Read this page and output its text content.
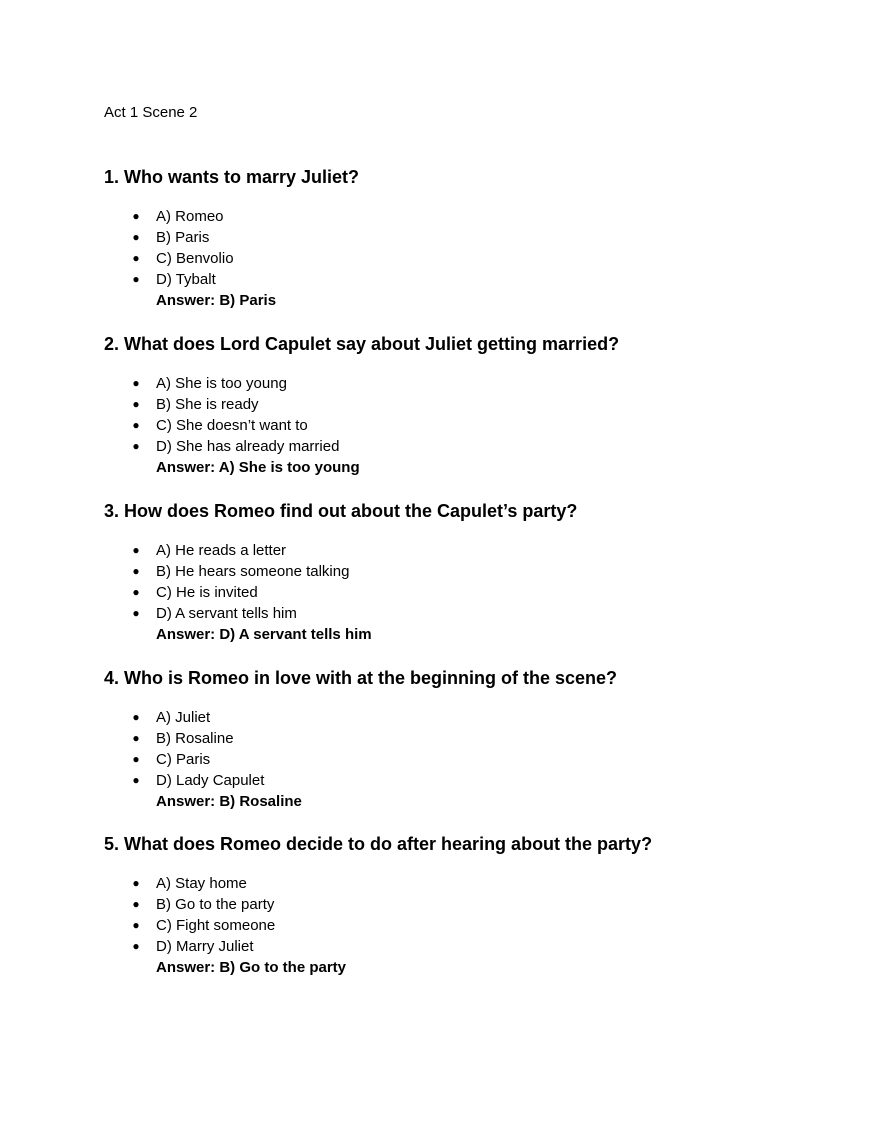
Act 1 Scene 2
1. Who wants to marry Juliet?
● A) Romeo
● B) Paris
● C) Benvolio
● D) Tybalt
Answer: B) Paris
2. What does Lord Capulet say about Juliet getting married?
● A) She is too young
● B) She is ready
● C) She doesn’t want to
● D) She has already married
Answer: A) She is too young
3. How does Romeo find out about the Capulet’s party?
● A) He reads a letter
● B) He hears someone talking
● C) He is invited
● D) A servant tells him
Answer: D) A servant tells him
4. Who is Romeo in love with at the beginning of the scene?
● A) Juliet
● B) Rosaline
● C) Paris
● D) Lady Capulet
Answer: B) Rosaline
5. What does Romeo decide to do after hearing about the party?
● A) Stay home
● B) Go to the party
● C) Fight someone
● D) Marry Juliet
Answer: B) Go to the party
